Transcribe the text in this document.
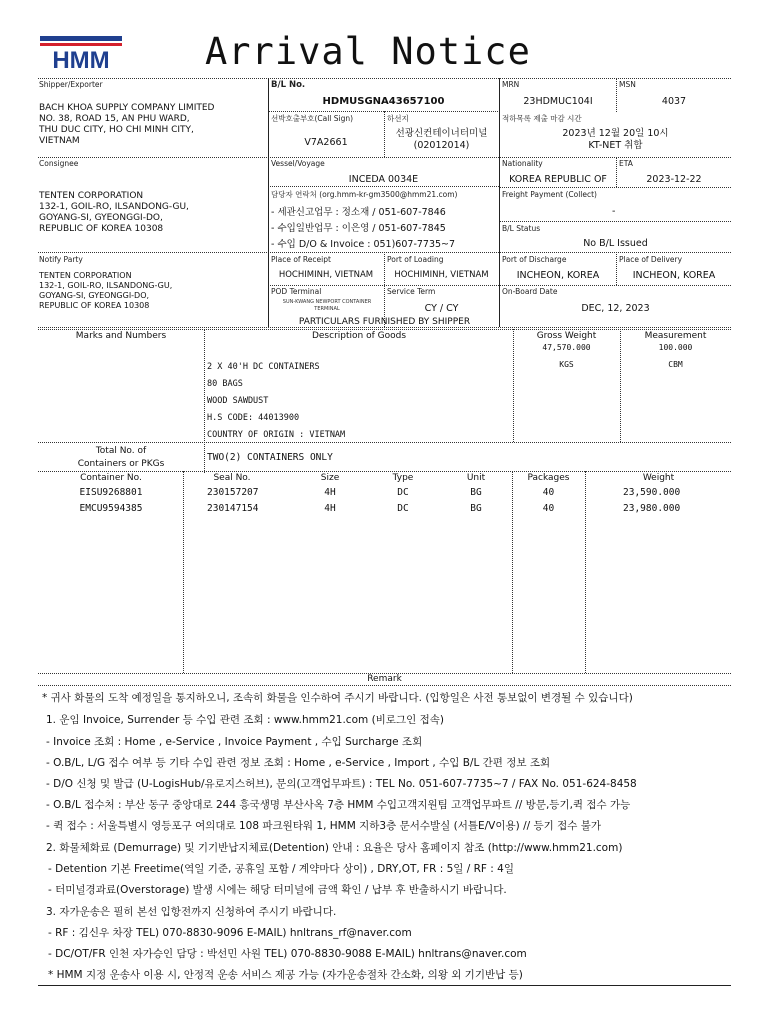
HMM	Arrival Notice
Shipper/Exporter
BACH KHOA SUPPLY COMPANY LIMITED
NO. 38, ROAD 15, AN PHU WARD,
THU DUC CITY, HO CHI MINH CITY,
VIETNAM
Consignee
TENTEN CORPORATION
132-1, GOIL-RO, ILSANDONG-GU,
GOYANG-SI, GYEONGGI-DO,
REPUBLIC OF KOREA 10308
Notify Party
TENTEN CORPORATION
132-1, GOIL-RO, ILSANDONG-GU,
GOYANG-SI, GYEONGGI-DO,
REPUBLIC OF KOREA 10308
B/L No.
HDMUSGNA43657100
MRN
23HDMUC104I
MSN
4037
선박호출부호(Call Sign)
V7A2661
하선지
선광신컨테이너터미널
(02012014)
적하목록 제출 마감 시간
2023년 12월 20일 10시
KT-NET 취합
Vessel/Voyage
INCEDA 0034E
Nationality
KOREA REPUBLIC OF
ETA
2023-12-22
담당자 연락처 (org.hmm-kr-gm3500@hmm21.com)
- 세관신고업무 : 정소재 / 051-607-7846
- 수입일반업무 : 이은영 / 051-607-7845
- 수입 D/O & Invoice : 051)607-7735~7
Freight Payment (Collect)
-
B/L Status
No B/L Issued
Place of Receipt
HOCHIMINH, VIETNAM
Port of Loading
HOCHIMINH, VIETNAM
Port of Discharge
INCHEON, KOREA
Place of Delivery
INCHEON, KOREA
POD Terminal
SUN-KWANG NEWPORT CONTAINER TERMINAL
Service Term
CY / CY
On-Board Date
DEC, 12, 2023
PARTICULARS FURNISHED BY SHIPPER
Marks and Numbers	Description of Goods	Gross Weight	Measurement
47,570.000	100.000
KGS	CBM
2 X 40'H DC CONTAINERS
80 BAGS
WOOD SAWDUST
H.S CODE: 44013900
COUNTRY OF ORIGIN : VIETNAM
Total No. of
Containers or PKGs
TWO(2) CONTAINERS ONLY
Container No.	Seal No.	Size	Type	Unit	Packages	Weight
EISU9268801	230157207	4H	DC	BG	40	23,590.000
EMCU9594385	230147154	4H	DC	BG	40	23,980.000
Remark
* 귀사 화물의 도착 예정일을 통지하오니, 조속히 화물을 인수하여 주시기 바랍니다. (입항일은 사전 통보없이 변경될 수 있습니다)
1. 운임 Invoice, Surrender 등 수입 관련 조회 : www.hmm21.com (비로그인 접속)
- Invoice 조회 : Home , e-Service , Invoice Payment , 수입 Surcharge 조회
- O.B/L, L/G 접수 여부 등 기타 수입 관련 정보 조회 : Home , e-Service , Import , 수입 B/L 간편 정보 조회
- D/O 신청 및 발급 (U-LogisHub/유로지스허브), 문의(고객업무파트) : TEL No. 051-607-7735~7 / FAX No. 051-624-8458
- O.B/L 접수처 : 부산 동구 중앙대로 244 흥국생명 부산사옥 7층 HMM 수입고객지원팀 고객업무파트 // 방문,등기,퀵 접수 가능
- 퀵 접수 : 서울특별시 영등포구 여의대로 108 파크원타워 1, HMM 지하3층 문서수발실 (서틀E/V이용) // 등기 접수 불가
2. 화물체화료 (Demurrage) 및 기기반납지체료(Detention) 안내 : 요율은 당사 홈페이지 참조 (http://www.hmm21.com)
- Detention 기본 Freetime(역일 기준, 공휴일 포함 / 계약마다 상이) , DRY,OT, FR : 5일 / RF : 4일
- 터미널경과료(Overstorage) 발생 시에는 해당 터미널에 금액 확인 / 납부 후 반출하시기 바랍니다.
3. 자가운송은 필히 본선 입항전까지 신청하여 주시기 바랍니다.
- RF : 김신우 차장 TEL) 070-8830-9096 E-MAIL) hnltrans_rf@naver.com
- DC/OT/FR 인천 자가승인 담당 : 박선민 사원 TEL) 070-8830-9088 E-MAIL) hnltrans@naver.com
* HMM 지정 운송사 이용 시, 안정적 운송 서비스 제공 가능 (자가운송절차 간소화, 의왕 외 기기반납 등)
